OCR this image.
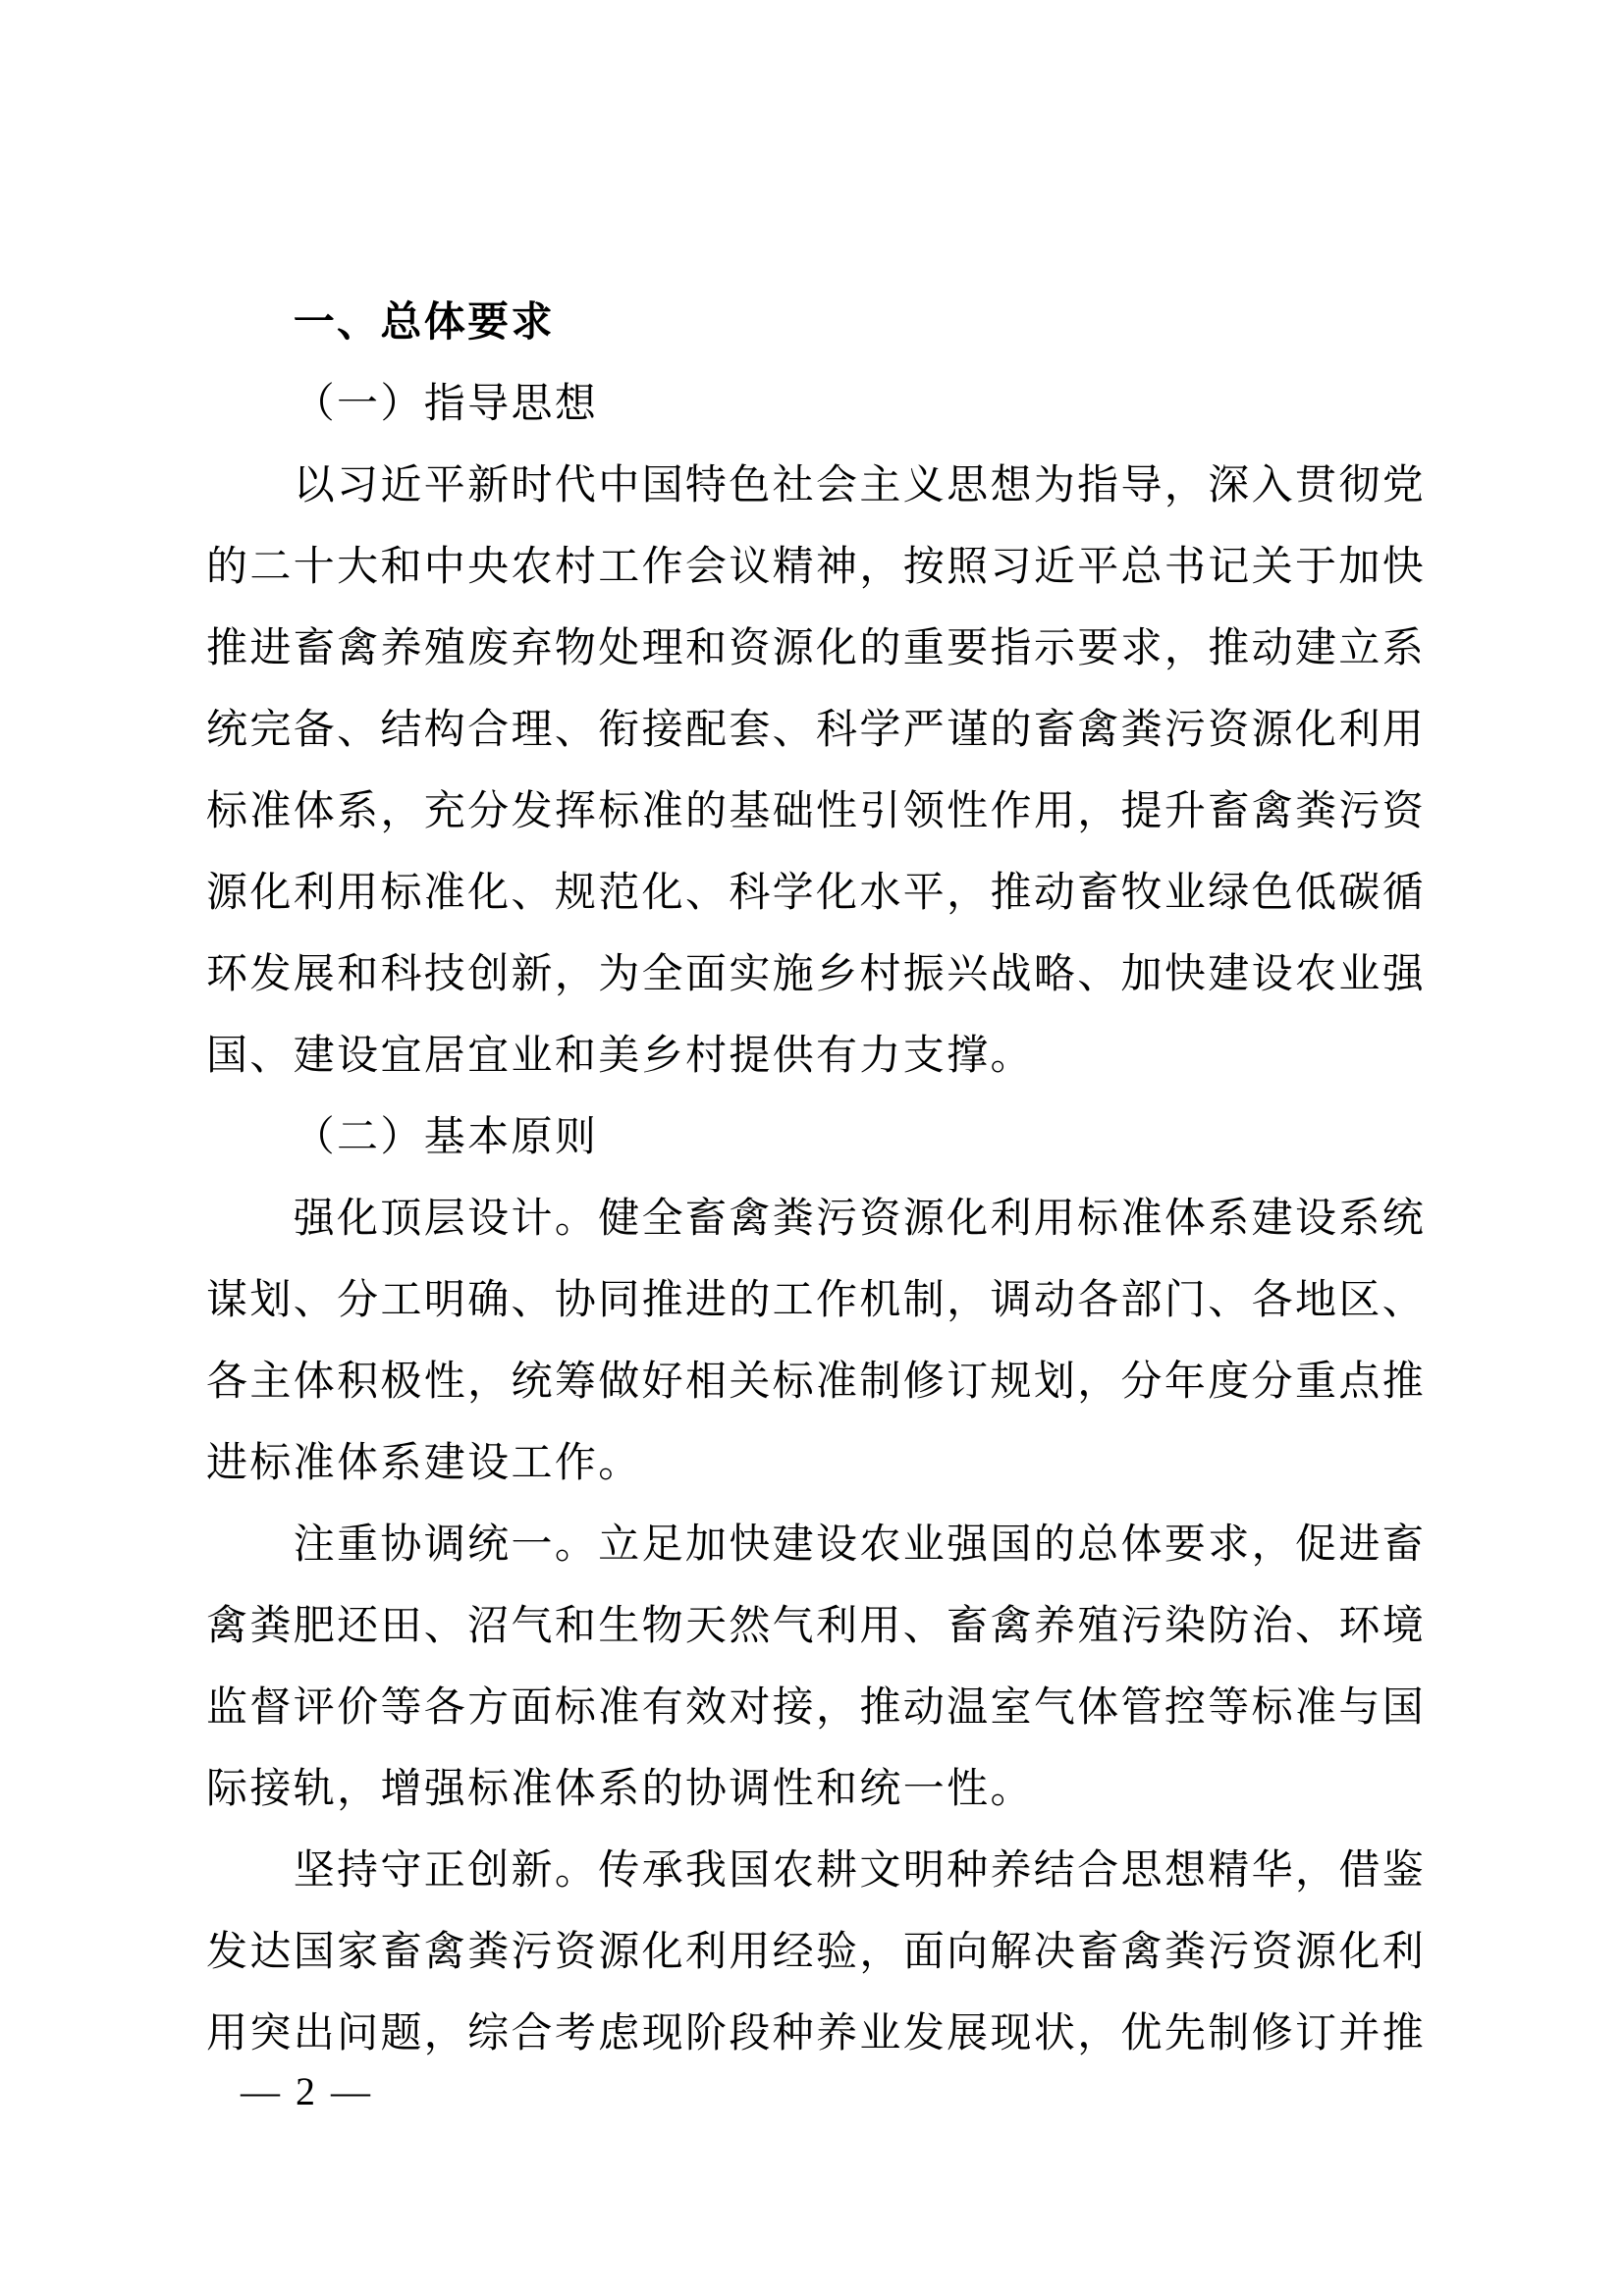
一、总体要求
（一）指导思想
以习近平新时代中国特色社会主义思想为指导，深入贯彻党
的二十大和中央农村工作会议精神，按照习近平总书记关于加快
推进畜禽养殖废弃物处理和资源化的重要指示要求，推动建立系
统完备、结构合理、衔接配套、科学严谨的畜禽粪污资源化利用
标准体系，充分发挥标准的基础性引领性作用，提升畜禽粪污资
源化利用标准化、规范化、科学化水平，推动畜牧业绿色低碳循
环发展和科技创新，为全面实施乡村振兴战略、加快建设农业强
国、建设宜居宜业和美乡村提供有力支撑。
（二）基本原则
强化顶层设计。健全畜禽粪污资源化利用标准体系建设系统
谋划、分工明确、协同推进的工作机制，调动各部门、各地区、
各主体积极性，统筹做好相关标准制修订规划，分年度分重点推
进标准体系建设工作。
注重协调统一。立足加快建设农业强国的总体要求，促进畜
禽粪肥还田、沼气和生物天然气利用、畜禽养殖污染防治、环境
监督评价等各方面标准有效对接，推动温室气体管控等标准与国
际接轨，增强标准体系的协调性和统一性。
坚持守正创新。传承我国农耕文明种养结合思想精华，借鉴
发达国家畜禽粪污资源化利用经验，面向解决畜禽粪污资源化利
用突出问题，综合考虑现阶段种养业发展现状，优先制修订并推
— 2 —
